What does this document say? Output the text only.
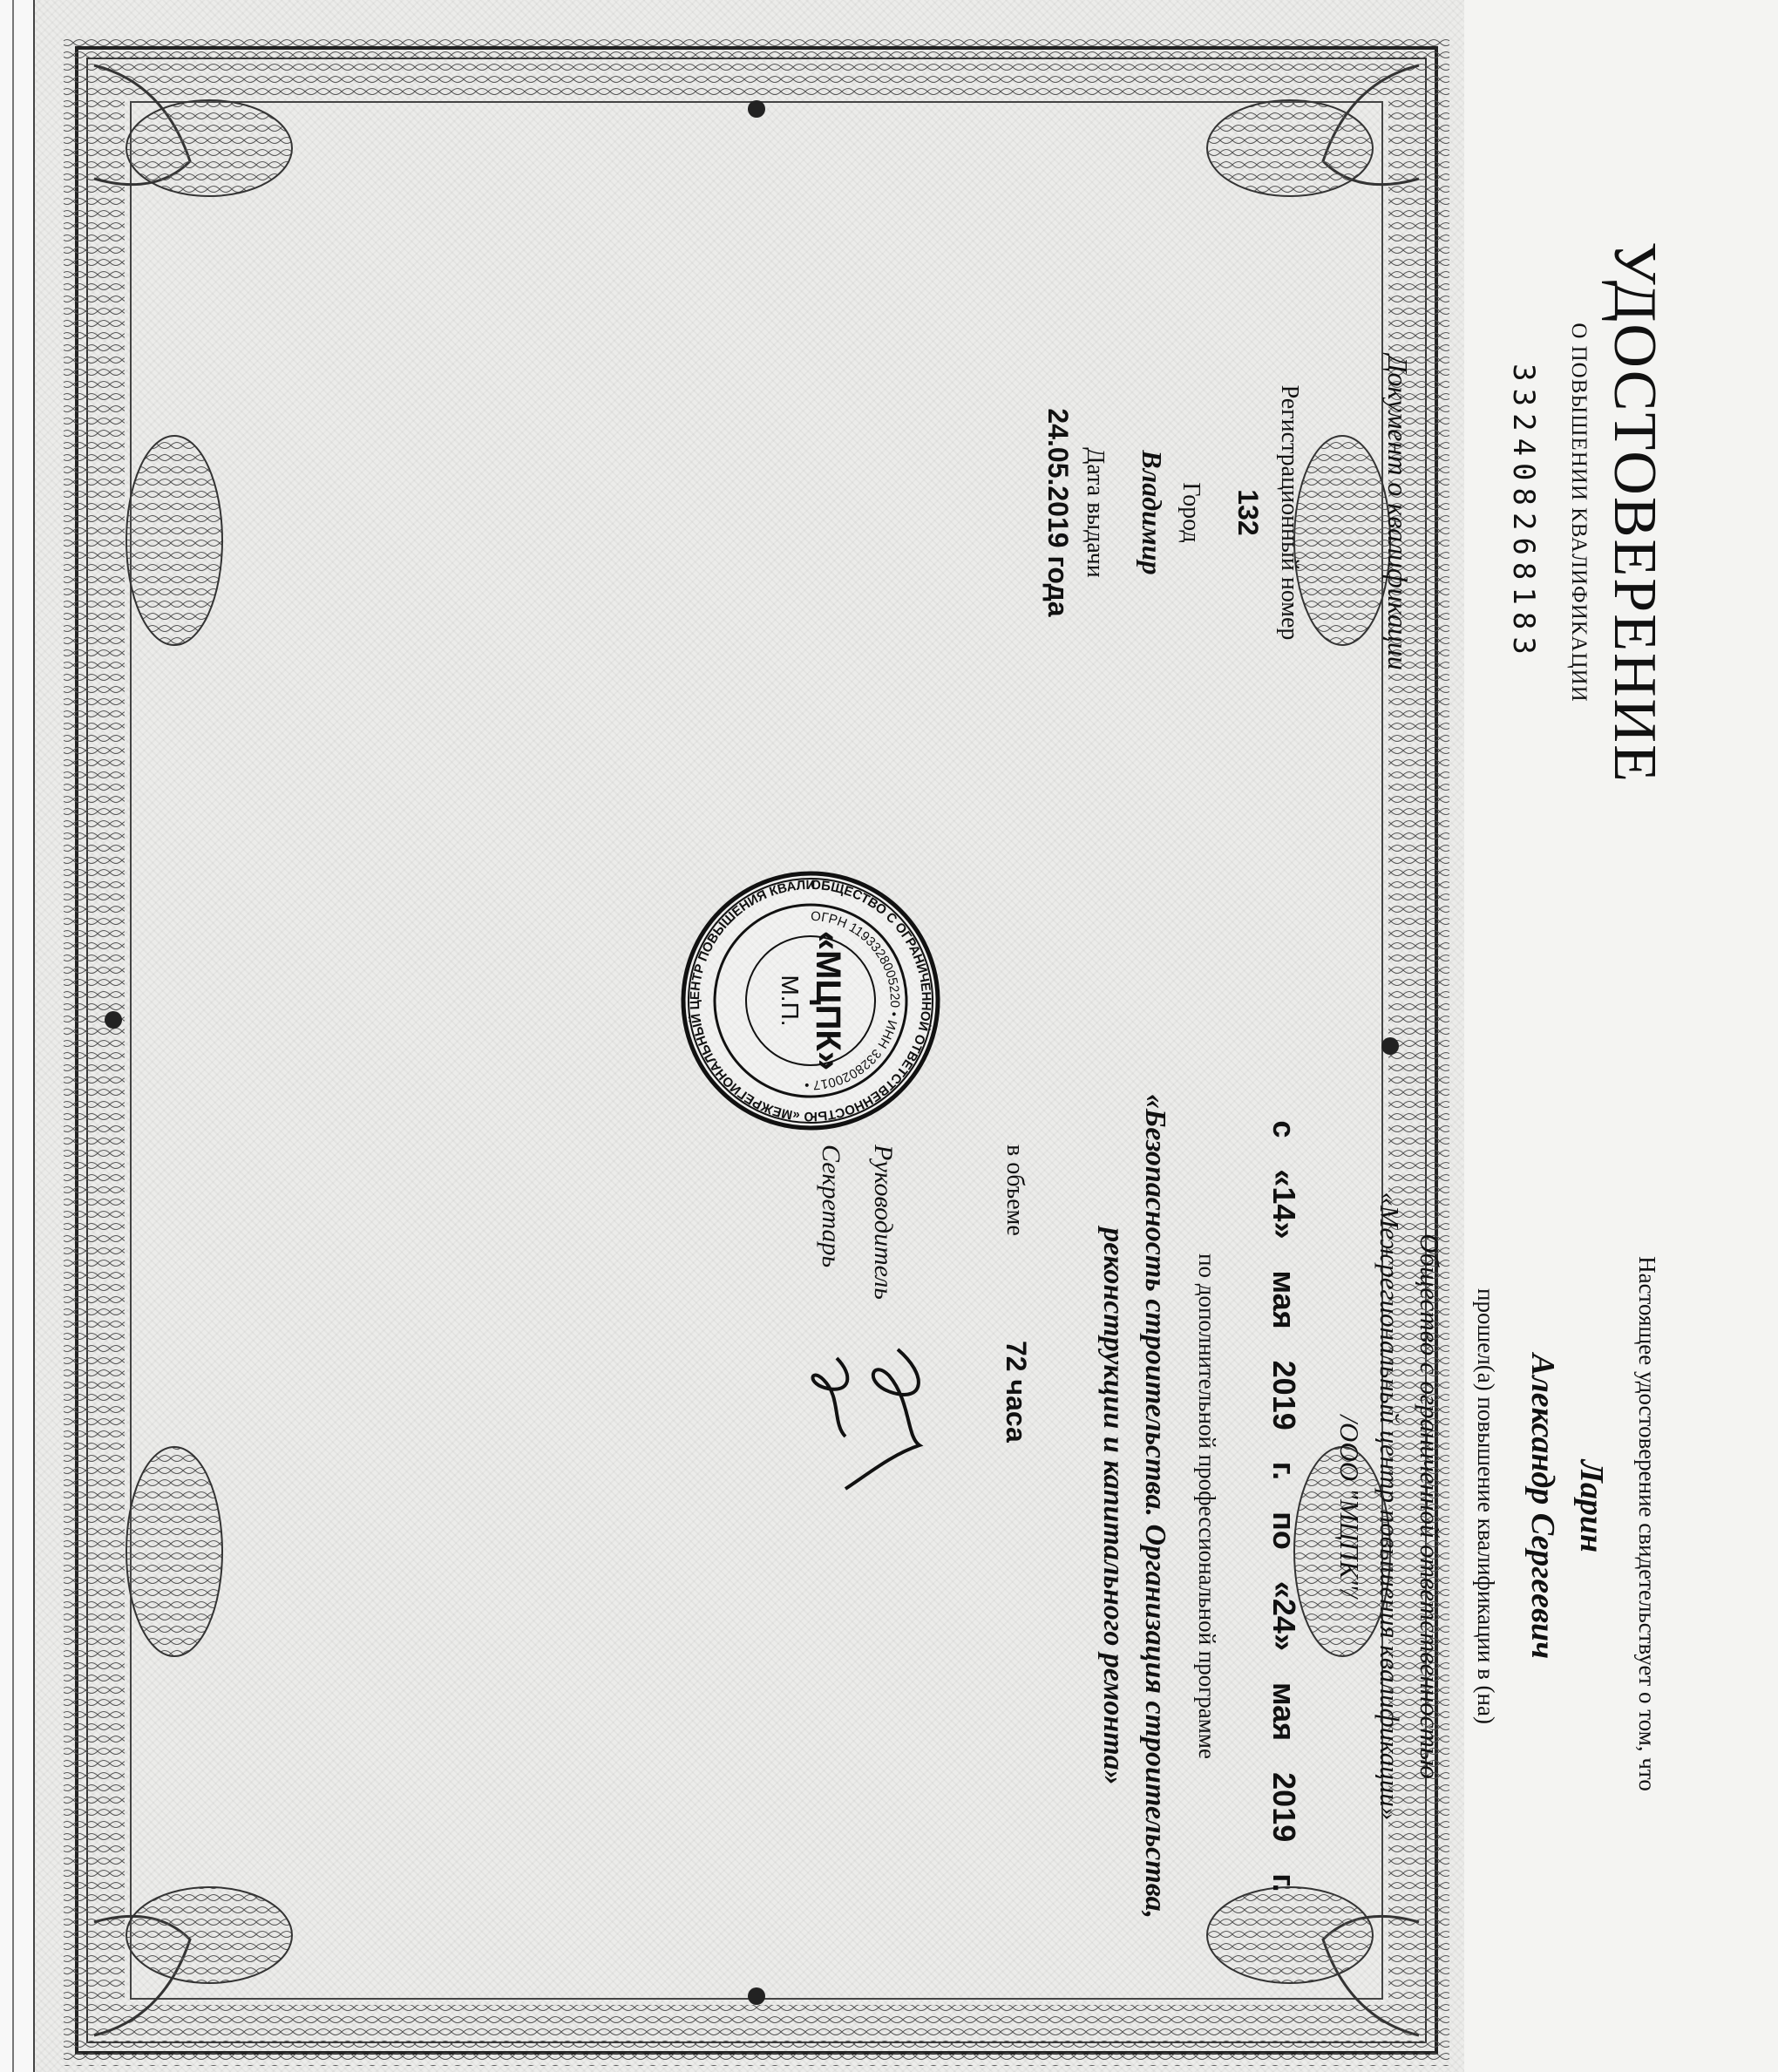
УДОСТОВЕРЕНИЕ
О ПОВЫШЕНИИ КВАЛИФИКАЦИИ
332408268183
Документ о квалификации
Регистрационный номер
132
Город
Владимир
Дата выдачи
24.05.2019 года
Настоящее удостоверение свидетельствует о том, что
Ларин
Александр Сергеевич
прошел(а) повышение квалификации в (на)
Общество с ограниченной ответственностью
«Межрегиональный центр повышения квалификации»
/ООО "МЦПК"/
с «14» мая 2019 г. по «24» мая 2019 г.
по дополнительной профессиональной программе
«Безопасность строительства. Организация строительства,
реконструкции и капитального ремонта»
в объеме
72 часа
Руководитель
Секретарь
ОБЩЕСТВО С ОГРАНИЧЕННОЙ ОТВЕТСТВЕННОСТЬЮ «МЕЖРЕГИОНАЛЬНЫЙ ЦЕНТР ПОВЫШЕНИЯ КВАЛИ
ОГРН 1193328005220 • ИНН 3328020017 •
«МЦПК»
М.П.
